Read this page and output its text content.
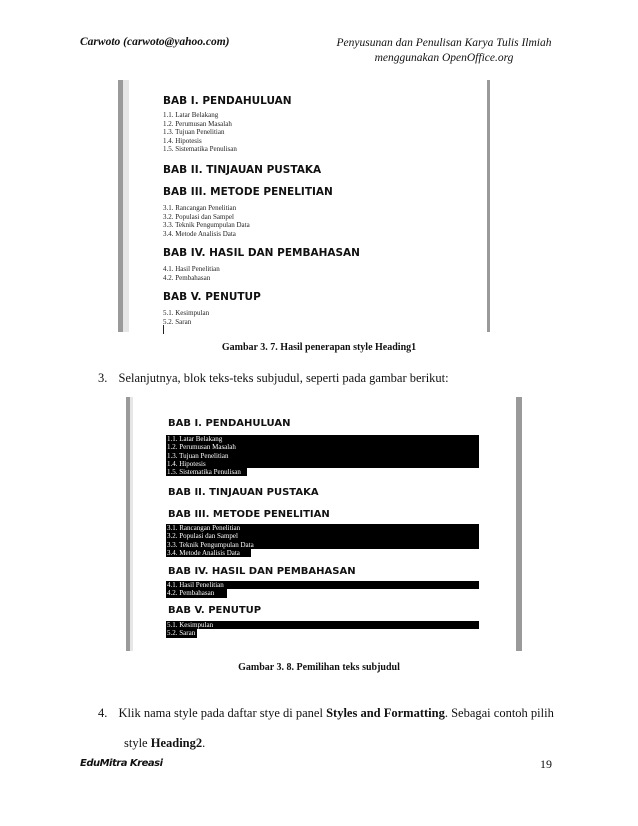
Carwoto (carwoto@yahoo.com)	Penyusunan dan Penulisan Karya Tulis Ilmiah
menggunakan OpenOffice.org
BAB I. PENDAHULUAN
1.1. Latar Belakang
1.2. Perumusan Masalah
1.3. Tujuan Penelitian
1.4. Hipotesis
1.5. Sistematika Penulisan
BAB II. TINJAUAN PUSTAKA
BAB III. METODE PENELITIAN
3.1. Rancangan Penelitian
3.2. Populasi dan Sampel
3.3. Teknik Pengumpulan Data
3.4. Metode Analisis Data
BAB IV. HASIL DAN PEMBAHASAN
4.1. Hasil Penelitian
4.2. Pembahasan
BAB V. PENUTUP
5.1. Kesimpulan
5.2. Saran
Gambar 3. 7. Hasil penerapan style Heading1
3. Selanjutnya, blok teks-teks subjudul, seperti pada gambar berikut:
BAB I. PENDAHULUAN
1.1. Latar Belakang
1.2. Perumusan Masalah
1.3. Tujuan Penelitian
1.4. Hipotesis
1.5. Sistematika Penulisan
BAB II. TINJAUAN PUSTAKA
BAB III. METODE PENELITIAN
3.1. Rancangan Penelitian
3.2. Populasi dan Sampel
3.3. Teknik Pengumpulan Data
3.4. Metode Analisis Data
BAB IV. HASIL DAN PEMBAHASAN
4.1. Hasil Penelitian
4.2. Pembahasan
BAB V. PENUTUP
5.1. Kesimpulan
5.2. Saran
Gambar 3. 8. Pemilihan teks subjudul
4. Klik nama style pada daftar stye di panel Styles and Formatting. Sebagai contoh pilih
style Heading2.
EduMitra Kreasi	19
